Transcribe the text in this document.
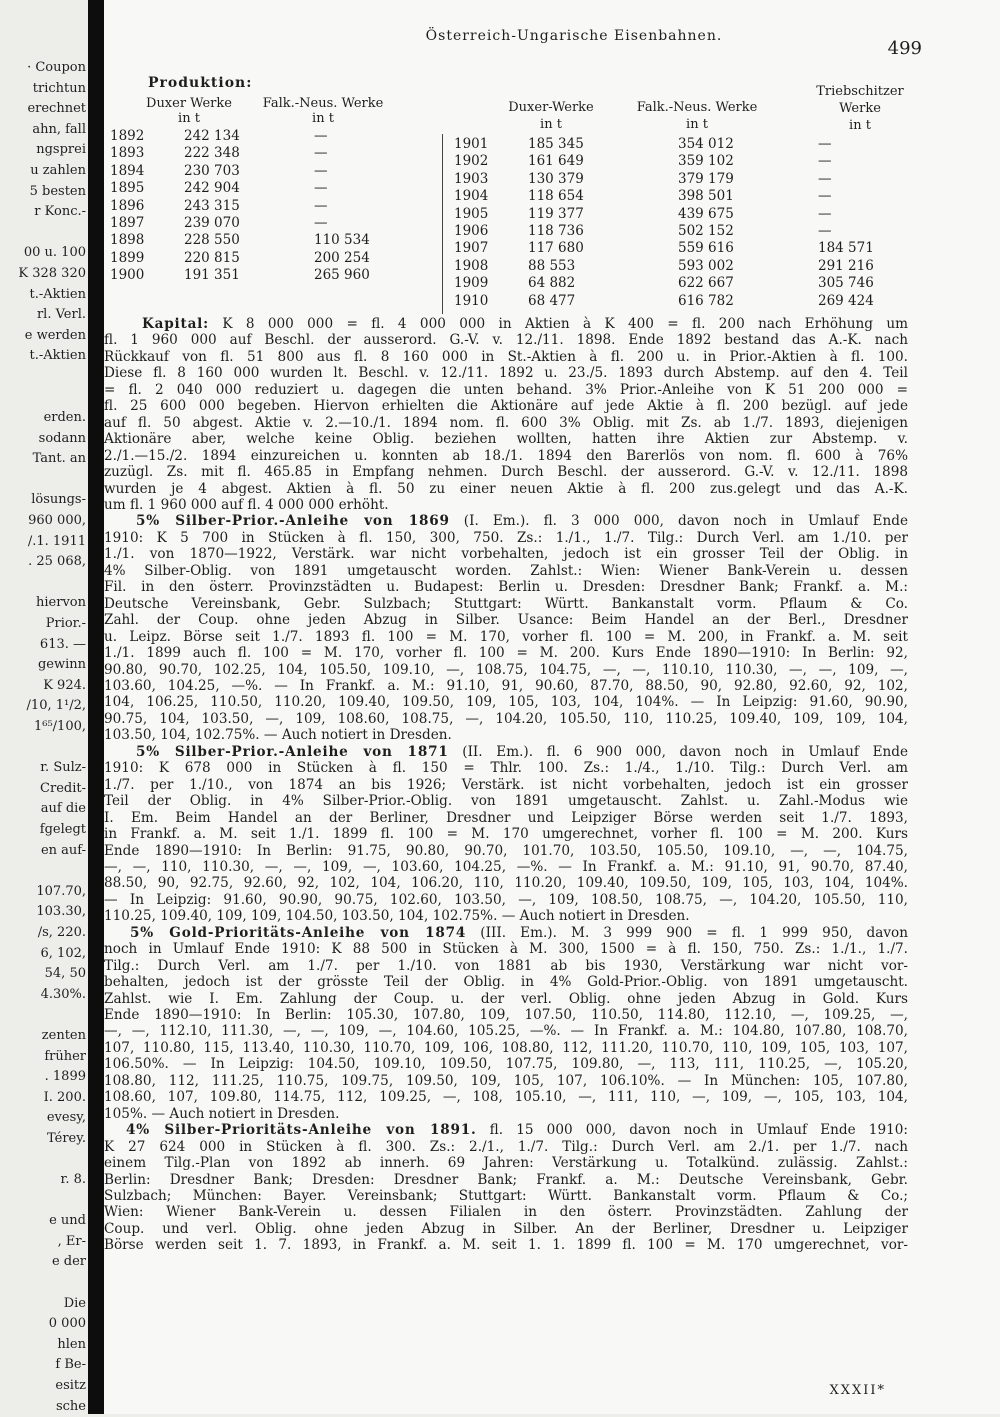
· Coupon
trichtun
erechnet
ahn, fall
ngsprei
u zahlen
5 besten
r Konc.-
00 u. 100
K 328 320
t.-Aktien
rl. Verl.
e werden
t.-Aktien
erden.
sodann
Tant. an
lösungs-
960 000,
/.1. 1911
. 25 068,
hiervon
Prior.-
613. —
gewinn
K 924.
/10, 1¹/2,
1⁶⁵/100,
r. Sulz-
Credit-
auf die
fgelegt
en auf-
107.70,
103.30,
/s, 220.
6, 102,
54, 50
4.30%.
zenten
früher
. 1899
I. 200.
evesy,
Térey.
r. 8.
e und
, Er-
e der
Die
0 000
hlen
f Be-
esitz
sche
Österreich-Ungarische Eisenbahnen.
499
Produktion:
Duxer Werke
in t
Falk.-Neus. Werke
in t
Duxer-Werke
in t
Falk.-Neus. Werke
in t
Triebschitzer
Werke
in t
1892	242 134	—
1893	222 348	—
1894	230 703	—
1895	242 904	—
1896	243 315	—
1897	239 070	—
1898	228 550	110 534
1899	220 815	200 254
1900	191 351	265 960
1901	185 345	354 012	—
1902	161 649	359 102	—
1903	130 379	379 179	—
1904	118 654	398 501	—
1905	119 377	439 675	—
1906	118 736	502 152	—
1907	117 680	559 616	184 571
1908	88 553	593 002	291 216
1909	64 882	622 667	305 746
1910	68 477	616 782	269 424
Kapital: K 8 000 000 = fl. 4 000 000 in Aktien à K 400 = fl. 200 nach Erhöhung um
fl. 1 960 000 auf Beschl. der ausserord. G.-V. v. 12./11. 1898. Ende 1892 bestand das A.-K. nach
Rückkauf von fl. 51 800 aus fl. 8 160 000 in St.-Aktien à fl. 200 u. in Prior.-Aktien à fl. 100.
Diese fl. 8 160 000 wurden lt. Beschl. v. 12./11. 1892 u. 23./5. 1893 durch Abstemp. auf den 4. Teil
= fl. 2 040 000 reduziert u. dagegen die unten behand. 3% Prior.-Anleihe von K 51 200 000 =
fl. 25 600 000 begeben. Hiervon erhielten die Aktionäre auf jede Aktie à fl. 200 bezügl. auf jede
auf fl. 50 abgest. Aktie v. 2.—10./1. 1894 nom. fl. 600 3% Oblig. mit Zs. ab 1./7. 1893, diejenigen
Aktionäre aber, welche keine Oblig. beziehen wollten, hatten ihre Aktien zur Abstemp. v.
2./1.—15./2. 1894 einzureichen u. konnten ab 18./1. 1894 den Barerlös von nom. fl. 600 à 76%
zuzügl. Zs. mit fl. 465.85 in Empfang nehmen. Durch Beschl. der ausserord. G.-V. v. 12./11. 1898
wurden je 4 abgest. Aktien à fl. 50 zu einer neuen Aktie à fl. 200 zus.gelegt und das A.-K.
um fl. 1 960 000 auf fl. 4 000 000 erhöht.
5% Silber-Prior.-Anleihe von 1869 (I. Em.). fl. 3 000 000, davon noch in Umlauf Ende
1910: K 5 700 in Stücken à fl. 150, 300, 750. Zs.: 1./1., 1./7. Tilg.: Durch Verl. am 1./10. per
1./1. von 1870—1922, Verstärk. war nicht vorbehalten, jedoch ist ein grosser Teil der Oblig. in
4% Silber-Oblig. von 1891 umgetauscht worden. Zahlst.: Wien: Wiener Bank-Verein u. dessen
Fil. in den österr. Provinzstädten u. Budapest: Berlin u. Dresden: Dresdner Bank; Frankf. a. M.:
Deutsche Vereinsbank, Gebr. Sulzbach; Stuttgart: Württ. Bankanstalt vorm. Pflaum & Co.
Zahl. der Coup. ohne jeden Abzug in Silber. Usance: Beim Handel an der Berl., Dresdner
u. Leipz. Börse seit 1./7. 1893 fl. 100 = M. 170, vorher fl. 100 = M. 200, in Frankf. a. M. seit
1./1. 1899 auch fl. 100 = M. 170, vorher fl. 100 = M. 200. Kurs Ende 1890—1910: In Berlin: 92,
90.80, 90.70, 102.25, 104, 105.50, 109.10, —, 108.75, 104.75, —, —, 110.10, 110.30, —, —, 109, —,
103.60, 104.25, —%. — In Frankf. a. M.: 91.10, 91, 90.60, 87.70, 88.50, 90, 92.80, 92.60, 92, 102,
104, 106.25, 110.50, 110.20, 109.40, 109.50, 109, 105, 103, 104, 104%. — In Leipzig: 91.60, 90.90,
90.75, 104, 103.50, —, 109, 108.60, 108.75, —, 104.20, 105.50, 110, 110.25, 109.40, 109, 109, 104,
103.50, 104, 102.75%. — Auch notiert in Dresden.
5% Silber-Prior.-Anleihe von 1871 (II. Em.). fl. 6 900 000, davon noch in Umlauf Ende
1910: K 678 000 in Stücken à fl. 150 = Thlr. 100. Zs.: 1./4., 1./10. Tilg.: Durch Verl. am
1./7. per 1./10., von 1874 an bis 1926; Verstärk. ist nicht vorbehalten, jedoch ist ein grosser
Teil der Oblig. in 4% Silber-Prior.-Oblig. von 1891 umgetauscht. Zahlst. u. Zahl.-Modus wie
I. Em. Beim Handel an der Berliner, Dresdner und Leipziger Börse werden seit 1./7. 1893,
in Frankf. a. M. seit 1./1. 1899 fl. 100 = M. 170 umgerechnet, vorher fl. 100 = M. 200. Kurs
Ende 1890—1910: In Berlin: 91.75, 90.80, 90.70, 101.70, 103.50, 105.50, 109.10, —, —, 104.75,
—, —, 110, 110.30, —, —, 109, —, 103.60, 104.25, —%. — In Frankf. a. M.: 91.10, 91, 90.70, 87.40,
88.50, 90, 92.75, 92.60, 92, 102, 104, 106.20, 110, 110.20, 109.40, 109.50, 109, 105, 103, 104, 104%.
— In Leipzig: 91.60, 90.90, 90.75, 102.60, 103.50, —, 109, 108.50, 108.75, —, 104.20, 105.50, 110,
110.25, 109.40, 109, 109, 104.50, 103.50, 104, 102.75%. — Auch notiert in Dresden.
5% Gold-Prioritäts-Anleihe von 1874 (III. Em.). M. 3 999 900 = fl. 1 999 950, davon
noch in Umlauf Ende 1910: K 88 500 in Stücken à M. 300, 1500 = à fl. 150, 750. Zs.: 1./1., 1./7.
Tilg.: Durch Verl. am 1./7. per 1./10. von 1881 ab bis 1930, Verstärkung war nicht vor-
behalten, jedoch ist der grösste Teil der Oblig. in 4% Gold-Prior.-Oblig. von 1891 umgetauscht.
Zahlst. wie I. Em. Zahlung der Coup. u. der verl. Oblig. ohne jeden Abzug in Gold. Kurs
Ende 1890—1910: In Berlin: 105.30, 107.80, 109, 107.50, 110.50, 114.80, 112.10, —, 109.25, —,
—, —, 112.10, 111.30, —, —, 109, —, 104.60, 105.25, —%. — In Frankf. a. M.: 104.80, 107.80, 108.70,
107, 110.80, 115, 113.40, 110.30, 110.70, 109, 106, 108.80, 112, 111.20, 110.70, 110, 109, 105, 103, 107,
106.50%. — In Leipzig: 104.50, 109.10, 109.50, 107.75, 109.80, —, 113, 111, 110.25, —, 105.20,
108.80, 112, 111.25, 110.75, 109.75, 109.50, 109, 105, 107, 106.10%. — In München: 105, 107.80,
108.60, 107, 109.80, 114.75, 112, 109.25, —, 108, 105.10, —, 111, 110, —, 109, —, 105, 103, 104,
105%. — Auch notiert in Dresden.
4% Silber-Prioritäts-Anleihe von 1891. fl. 15 000 000, davon noch in Umlauf Ende 1910:
K 27 624 000 in Stücken à fl. 300. Zs.: 2./1., 1./7. Tilg.: Durch Verl. am 2./1. per 1./7. nach
einem Tilg.-Plan von 1892 ab innerh. 69 Jahren: Verstärkung u. Totalkünd. zulässig. Zahlst.:
Berlin: Dresdner Bank; Dresden: Dresdner Bank; Frankf. a. M.: Deutsche Vereinsbank, Gebr.
Sulzbach; München: Bayer. Vereinsbank; Stuttgart: Württ. Bankanstalt vorm. Pflaum & Co.;
Wien: Wiener Bank-Verein u. dessen Filialen in den österr. Provinzstädten. Zahlung der
Coup. und verl. Oblig. ohne jeden Abzug in Silber. An der Berliner, Dresdner u. Leipziger
Börse werden seit 1. 7. 1893, in Frankf. a. M. seit 1. 1. 1899 fl. 100 = M. 170 umgerechnet, vor-
XXXII*
